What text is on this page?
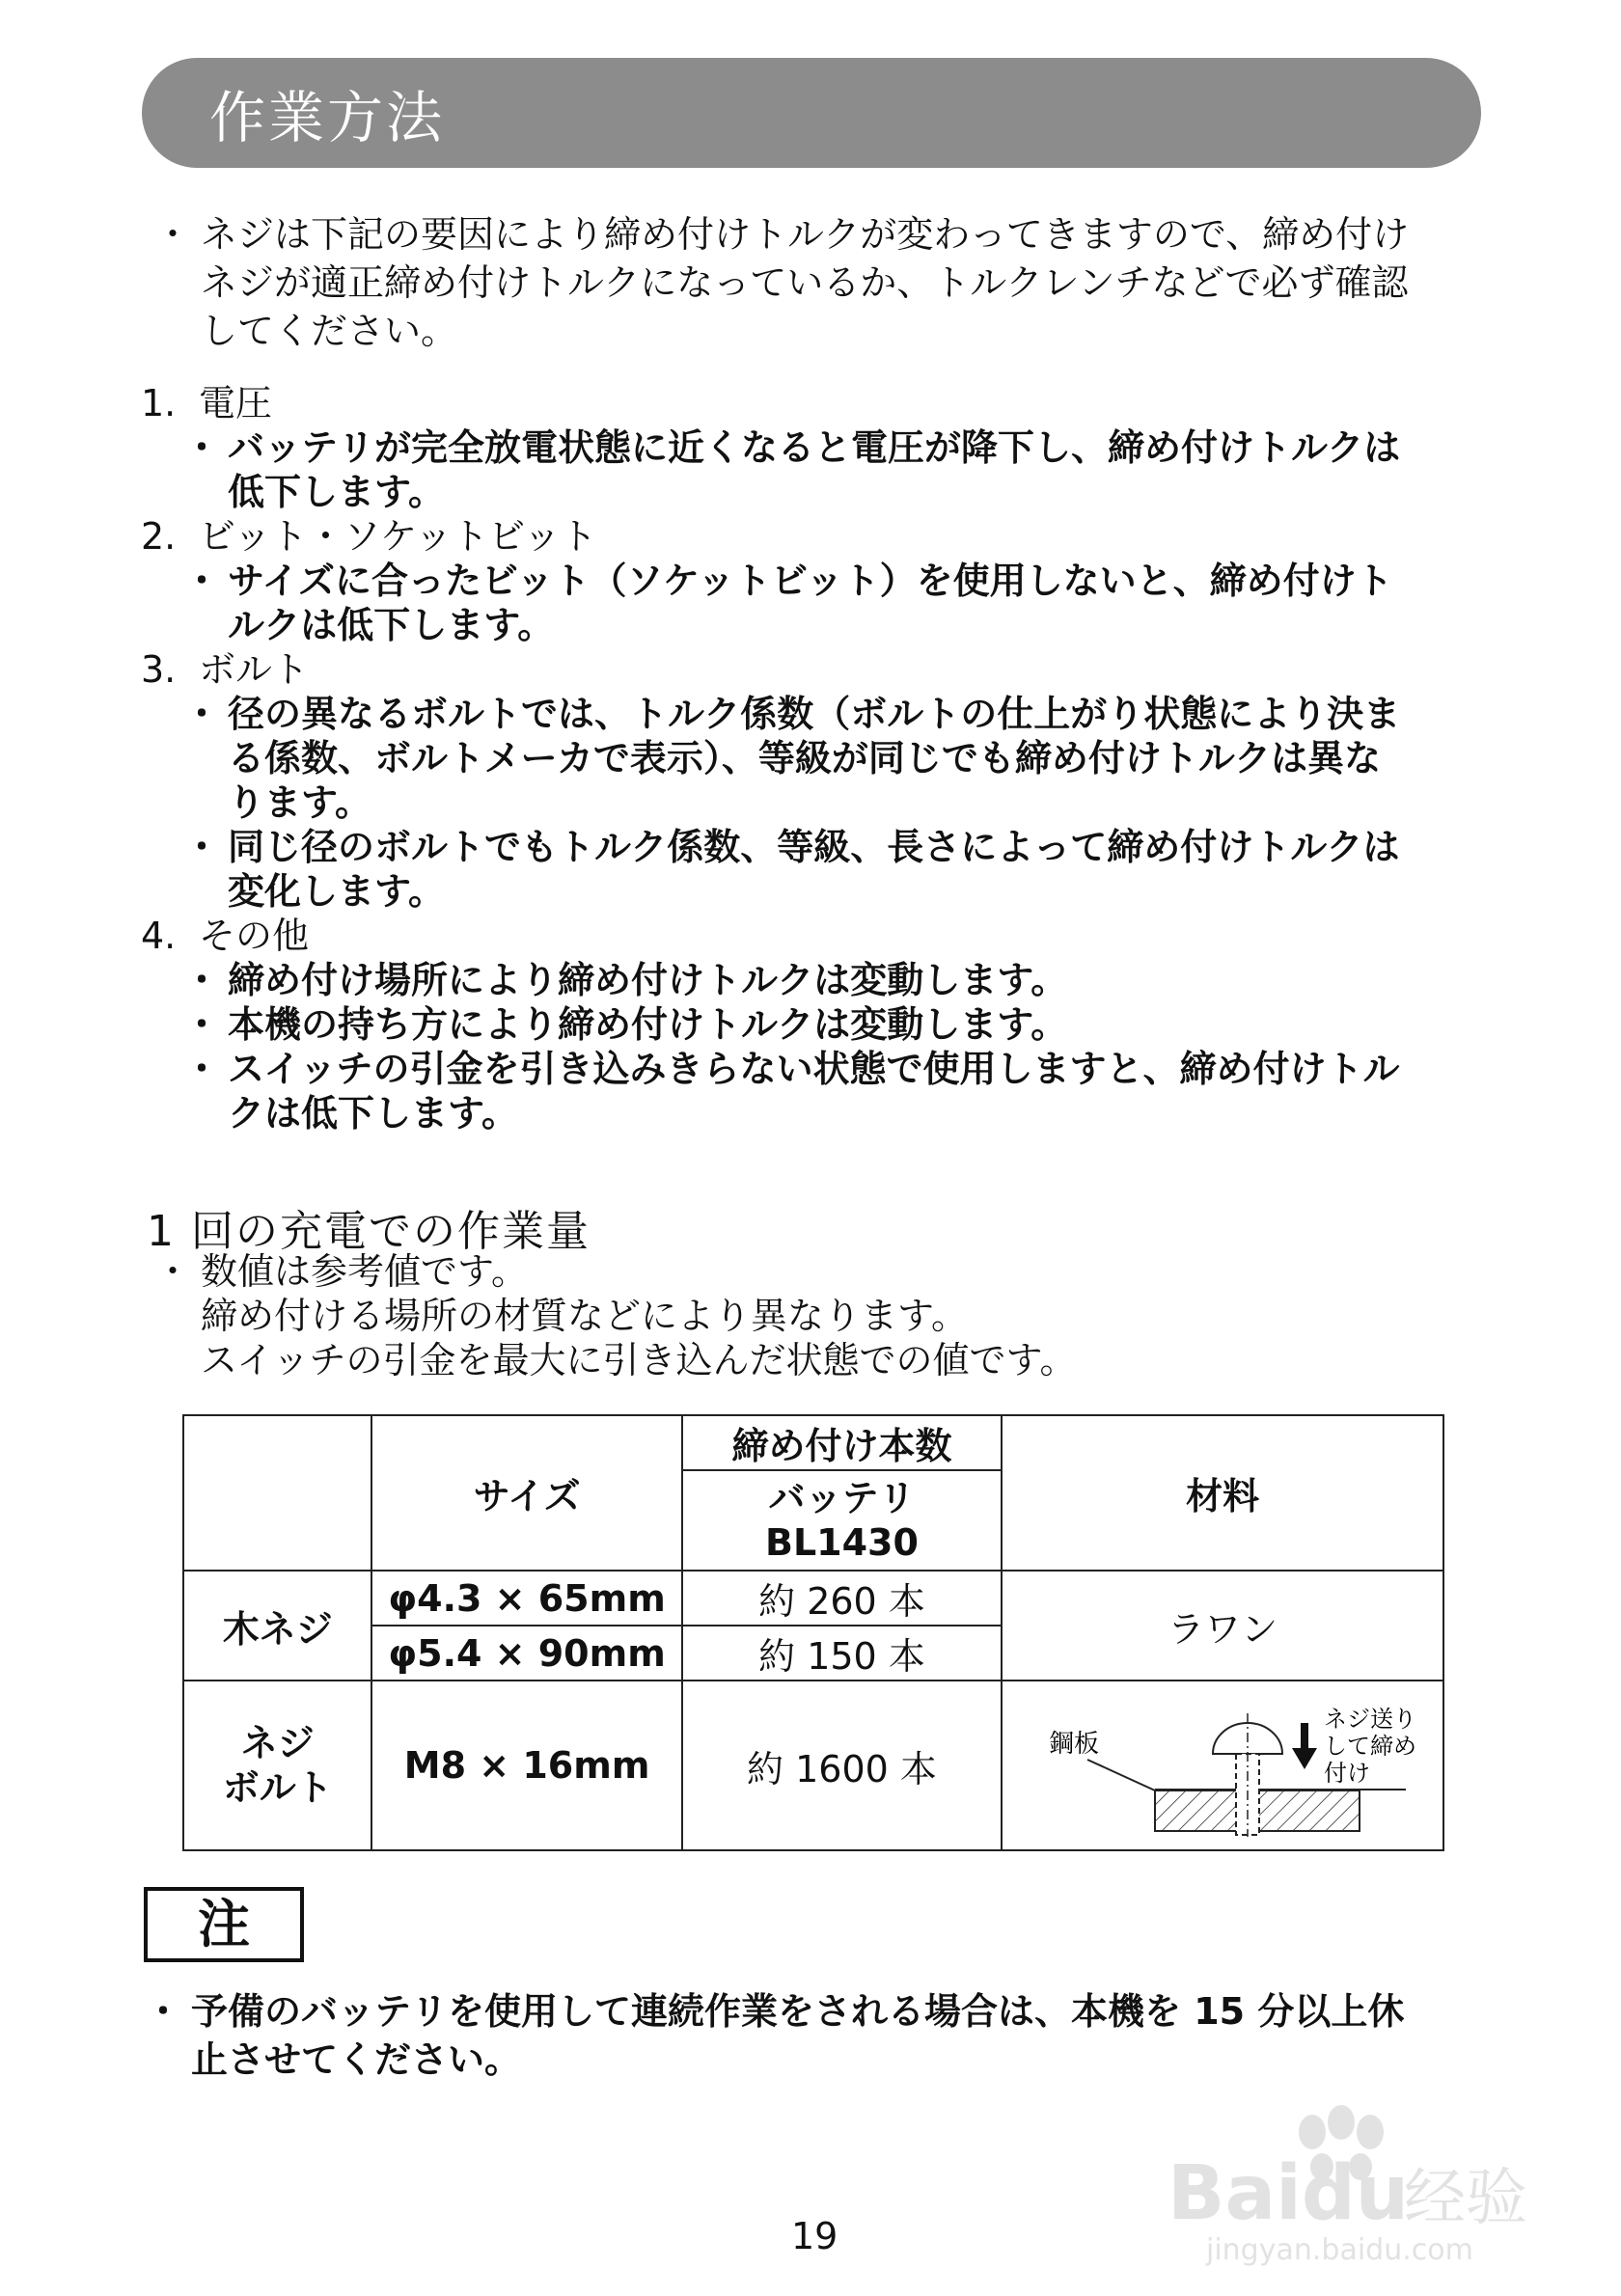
作業方法
・ ネジは下記の要因により締め付けトルクが変わってきますので、締め付け
ネジが適正締め付けトルクになっているか、トルクレンチなどで必ず確認
してください。
1. 電圧
・ バッテリが完全放電状態に近くなると電圧が降下し、締め付けトルクは
低下します。
2. ビット・ソケットビット
・ サイズに合ったビット（ソケットビット）を使用しないと、締め付けト
ルクは低下します。
3. ボルト
・ 径の異なるボルトでは、トルク係数（ボルトの仕上がり状態により決ま
る係数、ボルトメーカで表示）、等級が同じでも締め付けトルクは異な
ります。
・ 同じ径のボルトでもトルク係数、等級、長さによって締め付けトルクは
変化します。
4. その他
・ 締め付け場所により締め付けトルクは変動します。
・ 本機の持ち方により締め付けトルクは変動します。
・ スイッチの引金を引き込みきらない状態で使用しますと、締め付けトル
クは低下します。
1 回の充電での作業量
・ 数値は参考値です。
締め付ける場所の材質などにより異なります。
スイッチの引金を最大に引き込んだ状態での値です。
	サイズ	締め付け本数	材料
		バッテリ
BL1430	
木ネジ	φ4.3 × 65mm	約 260 本	ラワン
	φ5.4 × 90mm	約 150 本	
ネジ
ボルト	M8 × 16mm	約 1600 本	鋼板
ネジ送り
して締め
付け
注
・ 予備のバッテリを使用して連続作業をされる場合は、本機を 15 分以上休
止させてください。
19	Baidu
经验
jingyan.baidu.com
